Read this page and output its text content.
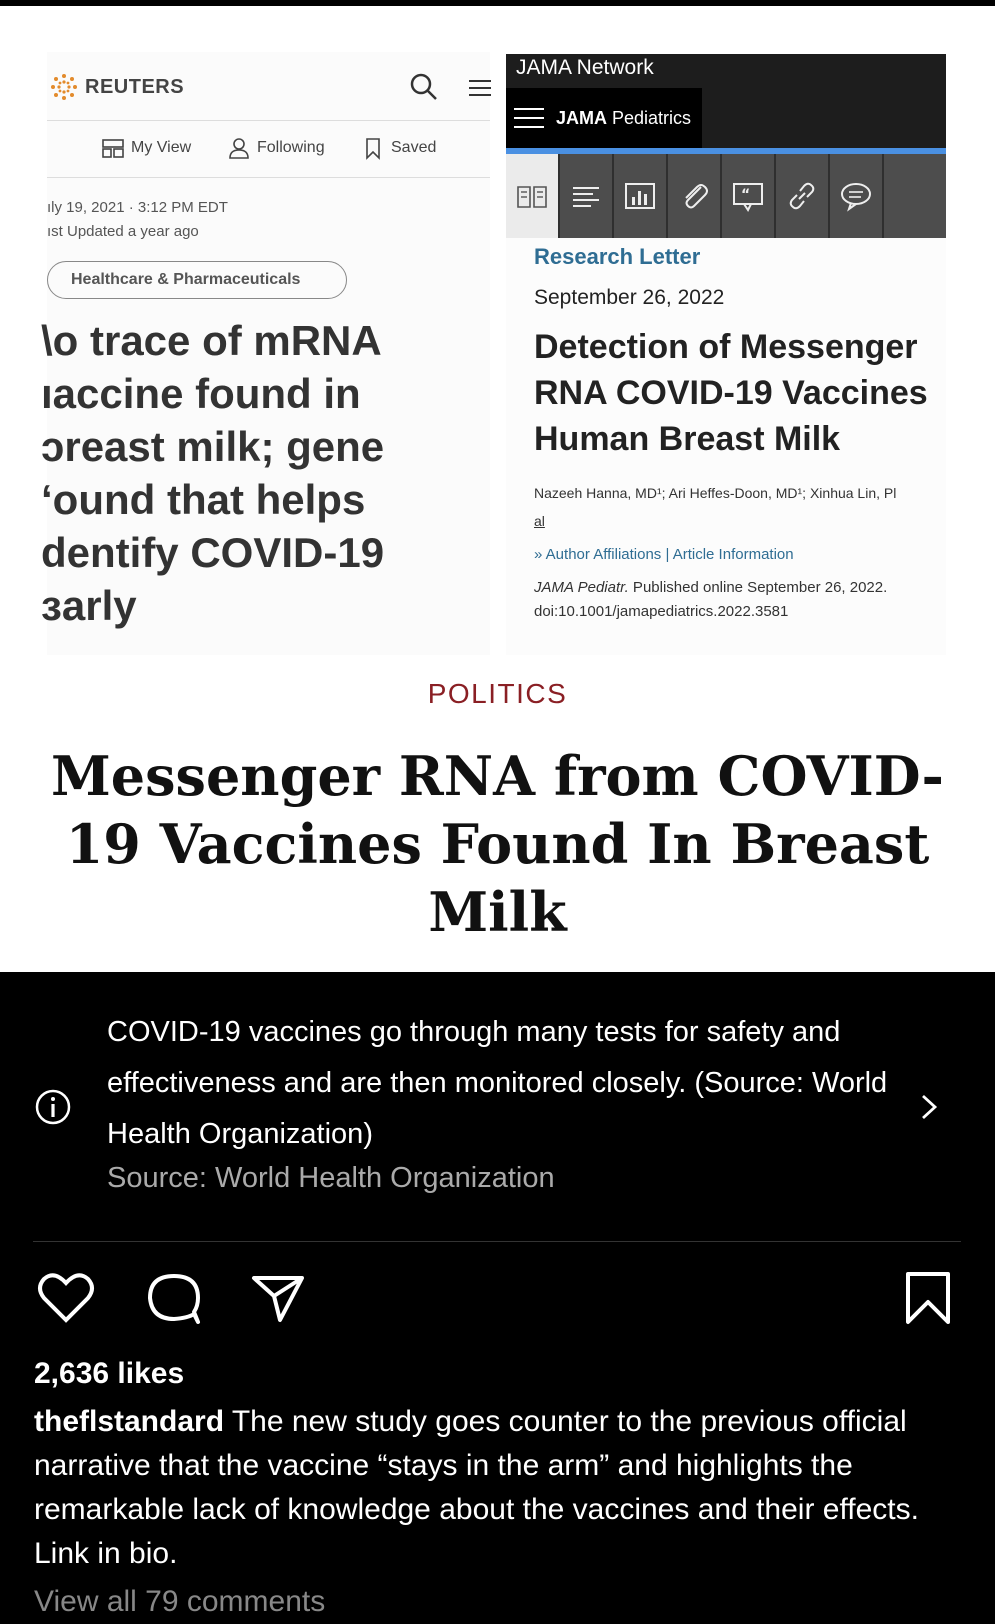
REUTERS
My View	Following	Saved
ıly 19, 2021 · 3:12 PM EDT
ıst Updated a year ago
Healthcare & Pharmaceuticals
\o trace of mRNA
ıaccine found in
ɔreast milk; gene
ʻound that helps
dentify COVID-19
ɜarly
JAMA Network
JAMA Pediatrics
“
Research Letter
September 26, 2022
Detection of Messenger RNA COVID-19 Vaccines Human Breast Milk
Nazeeh Hanna, MD¹; Ari Heffes-Doon, MD¹; Xinhua Lin, Pl
al
» Author Affiliations | Article Information
JAMA Pediatr. Published online September 26, 2022.
doi:10.1001/jamapediatrics.2022.3581
POLITICS
Messenger RNA from COVID-19 Vaccines Found In Breast Milk
COVID-19 vaccines go through many tests for safety and effectiveness and are then monitored closely. (Source: World Health Organization)
Source: World Health Organization
2,636 likes
theflstandard The new study goes counter to the previous official narrative that the vaccine “stays in the arm” and highlights the remarkable lack of knowledge about the vaccines and their effects. Link in bio.
View all 79 comments
